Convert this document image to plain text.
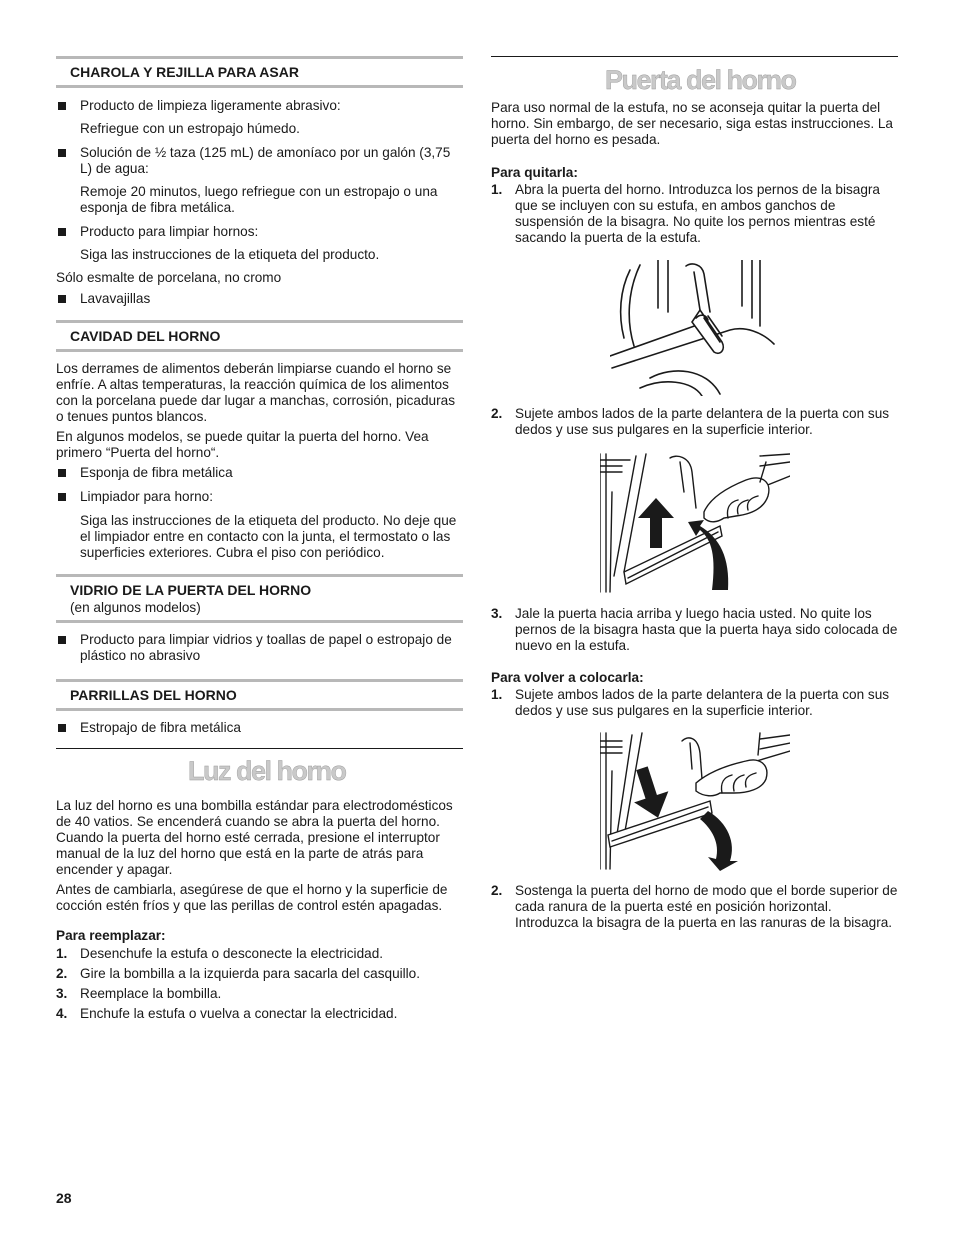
CHAROLA Y REJILLA PARA ASAR
Producto de limpieza ligeramente abrasivo:
Refriegue con un estropajo húmedo.
Solución de ½ taza (125 mL) de amoníaco por un galón (3,75 L) de agua:
Remoje 20 minutos, luego refriegue con un estropajo o una esponja de fibra metálica.
Producto para limpiar hornos:
Siga las instrucciones de la etiqueta del producto.
Sólo esmalte de porcelana, no cromo
Lavavajillas
CAVIDAD DEL HORNO
Los derrames de alimentos deberán limpiarse cuando el horno se enfríe. A altas temperaturas, la reacción química de los alimentos con la porcelana puede dar lugar a manchas, corrosión, picaduras o tenues puntos blancos.
En algunos modelos, se puede quitar la puerta del horno. Vea primero “Puerta del horno“.
Esponja de fibra metálica
Limpiador para horno:
Siga las instrucciones de la etiqueta del producto. No deje que el limpiador entre en contacto con la junta, el termostato o las superficies exteriores. Cubra el piso con periódico.
VIDRIO DE LA PUERTA DEL HORNO
(en algunos modelos)
Producto para limpiar vidrios y toallas de papel o estropajo de plástico no abrasivo
PARRILLAS DEL HORNO
Estropajo de fibra metálica
Luz del horno
La luz del horno es una bombilla estándar para electrodomésticos de 40 vatios. Se encenderá cuando se abra la puerta del horno. Cuando la puerta del horno esté cerrada, presione el interruptor manual de la luz del horno que está en la parte de atrás para encender y apagar.
Antes de cambiarla, asegúrese de que el horno y la superficie de cocción estén fríos y que las perillas de control estén apagadas.
Para reemplazar:
1. Desenchufe la estufa o desconecte la electricidad.
2. Gire la bombilla a la izquierda para sacarla del casquillo.
3. Reemplace la bombilla.
4. Enchufe la estufa o vuelva a conectar la electricidad.
Puerta del horno
Para uso normal de la estufa, no se aconseja quitar la puerta del horno. Sin embargo, de ser necesario, siga estas instrucciones. La puerta del horno es pesada.
Para quitarla:
1. Abra la puerta del horno. Introduzca los pernos de la bisagra que se incluyen con su estufa, en ambos ganchos de suspensión de la bisagra. No quite los pernos mientras esté sacando la puerta de la estufa.
2. Sujete ambos lados de la parte delantera de la puerta con sus dedos y use sus pulgares en la superficie interior.
3. Jale la puerta hacia arriba y luego hacia usted. No quite los pernos de la bisagra hasta que la puerta haya sido colocada de nuevo en la estufa.
Para volver a colocarla:
1. Sujete ambos lados de la parte delantera de la puerta con sus dedos y use sus pulgares en la superficie interior.
2. Sostenga la puerta del horno de modo que el borde superior de cada ranura de la puerta esté en posición horizontal. Introduzca la bisagra de la puerta en las ranuras de la bisagra.
28
